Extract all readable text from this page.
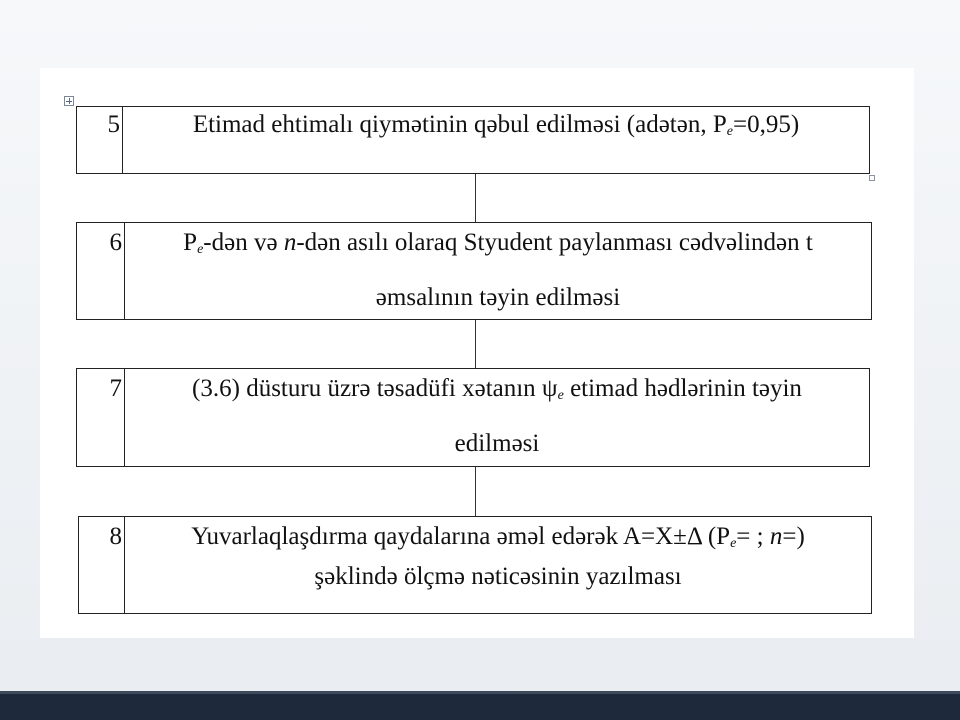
5	Etimad ehtimalı qiymətinin qəbul edilməsi (adətən, $P_e=0,95$)
6	$P_e$-dən və n-dən asılı olaraq Styudent paylanması cədvəlindən t
əmsalının təyin edilməsi
7	(3.6) düsturu üzrə təsadüfi xətanın $\psi_e$ etimad hədlərinin təyin
edilməsi
8	Yuvarlaqlaşdırma qaydalarına əməl edərək A=X±Δ ($P_e=$ ; n=)
şəklində ölçmə nəticəsinin yazılması
